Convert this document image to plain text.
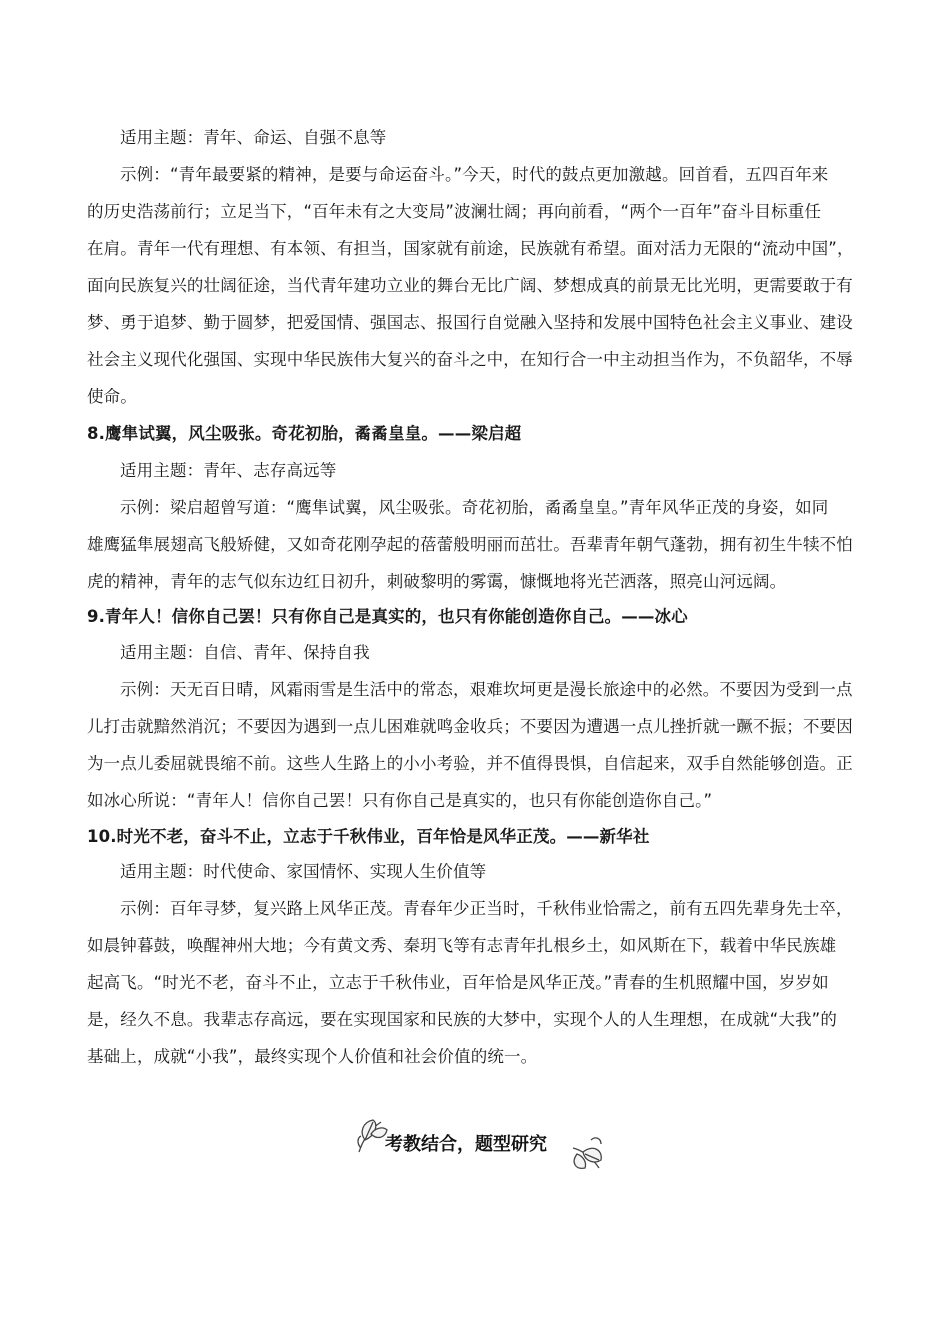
适用主题：青年、命运、自强不息等
示例：“青年最要紧的精神，是要与命运奋斗。”今天，时代的鼓点更加激越。回首看，五四百年来
的历史浩荡前行；立足当下，“百年未有之大变局”波澜壮阔；再向前看，“两个一百年”奋斗目标重任
在肩。青年一代有理想、有本领、有担当，国家就有前途，民族就有希望。面对活力无限的“流动中国”，
面向民族复兴的壮阔征途，当代青年建功立业的舞台无比广阔、梦想成真的前景无比光明，更需要敢于有
梦、勇于追梦、勤于圆梦，把爱国情、强国志、报国行自觉融入坚持和发展中国特色社会主义事业、建设
社会主义现代化强国、实现中华民族伟大复兴的奋斗之中，在知行合一中主动担当作为，不负韶华，不辱
使命。
8.鹰隼试翼，风尘吸张。奇花初胎，矞矞皇皇。——梁启超
适用主题：青年、志存高远等
示例：梁启超曾写道：“鹰隼试翼，风尘吸张。奇花初胎，矞矞皇皇。”青年风华正茂的身姿，如同
雄鹰猛隼展翅高飞般矫健，又如奇花刚孕起的蓓蕾般明丽而茁壮。吾辈青年朝气蓬勃，拥有初生牛犊不怕
虎的精神，青年的志气似东边红日初升，刺破黎明的雾霭，慷慨地将光芒洒落，照亮山河远阔。
9.青年人！信你自己罢！只有你自己是真实的，也只有你能创造你自己。——冰心
适用主题：自信、青年、保持自我
示例：天无百日晴，风霜雨雪是生活中的常态，艰难坎坷更是漫长旅途中的必然。不要因为受到一点
儿打击就黯然消沉；不要因为遇到一点儿困难就鸣金收兵；不要因为遭遇一点儿挫折就一蹶不振；不要因
为一点儿委屈就畏缩不前。这些人生路上的小小考验，并不值得畏惧，自信起来，双手自然能够创造。正
如冰心所说：“青年人！信你自己罢！只有你自己是真实的，也只有你能创造你自己。”
10.时光不老，奋斗不止，立志于千秋伟业，百年恰是风华正茂。——新华社
适用主题：时代使命、家国情怀、实现人生价值等
示例：百年寻梦，复兴路上风华正茂。青春年少正当时，千秋伟业恰需之，前有五四先辈身先士卒，
如晨钟暮鼓，唤醒神州大地；今有黄文秀、秦玥飞等有志青年扎根乡土，如风斯在下，载着中华民族雄
起高飞。“时光不老，奋斗不止，立志于千秋伟业，百年恰是风华正茂。”青春的生机照耀中国，岁岁如
是，经久不息。我辈志存高远，要在实现国家和民族的大梦中，实现个人的人生理想，在成就“大我”的
基础上，成就“小我”，最终实现个人价值和社会价值的统一。
考教结合，题型研究
